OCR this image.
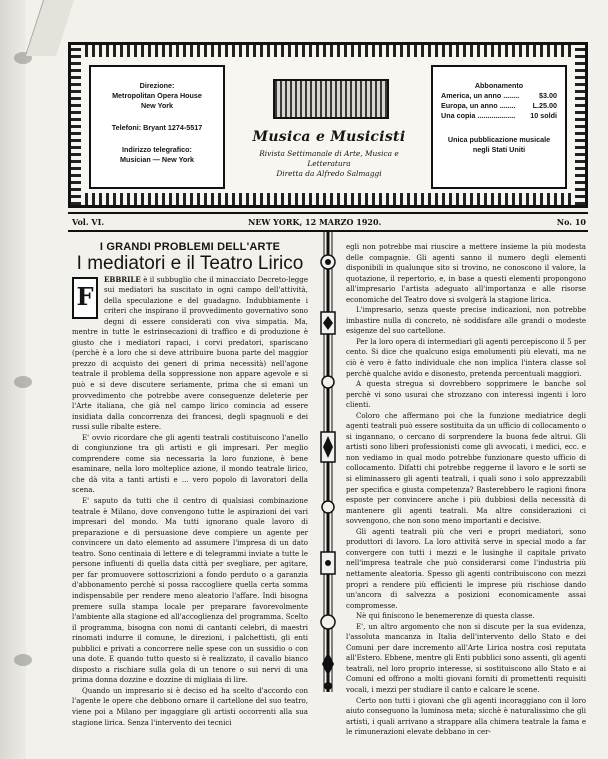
Direzione:
Metropolitan Opera House
New York
Telefoni: Bryant 1274-5517
Indirizzo telegrafico:
Musician — New York
Musica e Musicisti
Rivista Settimanale di Arte, Musica e
Letteratura
Diretta da Alfredo Salmaggi
Abbonamento
America, un anno ........	$3.00
Europa, un anno ........ L.25.00
Una copia ................... 10 soldi
Unica pubblicazione musicale
negli Stati Uniti
Vol. VI.	NEW YORK, 12 MARZO 1920.	No. 10

I GRANDI PROBLEMI DELL'ARTE

I mediatori e il Teatro Lirico

F
EBBRILE è il subbuglio che il minacciato Decreto-legge sui mediatori ha suscitato in ogni campo dell'attività, della speculazione e del guadagno. Indubbiamente i criteri che inspirano il provvedimento governativo sono degni di essere considerati con viva simpatia. Ma, mentre in tutte le estrinsecazioni di traffico e di produzione è giusto che i mediatori rapaci, i corvi predatori, spariscano (perchè è a loro che si deve attribuire buona parte del maggior prezzo di acquisto dei generi di prima necessità) nell'agone teatrale il problema della soppressione non appare agevole e si può e si deve discutere seriamente, prima che si emani un provvedimento che potrebbe avere conseguenze deleterie per l'Arte italiana, che già nel campo lirico comincia ad essere insidiata dalla concorrenza dei francesi, degli spagnuoli e dei russi sulle ribalte estere.

E' ovvio ricordare che gli agenti teatrali costituiscono l'anello di congiunzione tra gli artisti e gli impresari. Per meglio comprendere come sia necessaria la loro funzione, è bene esaminare, nella loro molteplice azione, il mondo teatrale lirico, che dà vita a tanti artisti e ... vero popolo di lavoratori della scena.

E' saputo da tutti che il centro di qualsiasi combinazione teatrale è Milano, dove convengono tutte le aspirazioni dei vari impresari del mondo. Ma tutti ignorano quale lavoro di preparazione e di persuasione deve compiere un agente per convincere un dato elemento ad assumere l'impresa di un dato teatro. Sono centinaia di lettere e di telegrammi inviate a tutte le persone influenti di quella data città per svegliare, per agitare, per far promuovere sottoscrizioni a fondo perduto o a garanzia d'abbonamento perchè si possa raccogliere quella certa somma indispensabile per rendere meno aleatorio l'affare. Indi bisogna premere sulla stampa locale per preparare favorevolmente l'ambiente alla stagione ed all'accoglienza del programma. Scelto il programma, bisogna con nomi di cantanti celebri, di maestri rinomati indurre il comune, le direzioni, i palchettisti, gli enti pubblici e privati a concorrere nelle spese con un sussidio o con una dote. E quando tutto questo si è realizzato, il cavallo bianco disposto a rischiare sulla gola di un tenore o sui nervi di una prima donna dozzine e dozzine di migliaia di lire.

Quando un impresario si è deciso ed ha scelto d'accordo con l'agente le opere che debbono ornare il cartellone del suo teatro, viene poi a Milano per ingaggiare gli artisti occorrenti alla sua stagione lirica. Senza l'intervento dei tecnici

egli non potrebbe mai riuscire a mettere insieme la più modesta delle compagnie. Gli agenti sanno il numero degli elementi disponibili in qualunque sito si trovino, ne conoscono il valore, la quotazione, il repertorio, e, in base a questi elementi propongono all'impresario l'artista adeguato all'importanza e alle risorse economiche del Teatro dove si svolgerà la stagione lirica.

L'impresario, senza queste precise indicazioni, non potrebbe imbastire nulla di concreto, nè soddisfare alle grandi o modeste esigenze del suo cartellone.

Per la loro opera di intermediari gli agenti percepiscono il 5 per cento. Si dice che qualcuno esiga emolumenti più elevati, ma ne ciò è vero è fatto individuale che non implica l'intera classe sol perchè qualche avido e disonesto, pretenda percentuali maggiori.

A questa stregua si dovrebbero sopprimere le banche sol perchè vi sono usurai che strozzano con interessi ingenti i loro clienti.

Coloro che affermano poi che la funzione mediatrice degli agenti teatrali può essere sostituita da un ufficio di collocamento o si ingannano, o cercano di sorprendere la buona fede altrui. Gli artisti sono liberi professionisti come gli avvocati, i medici, ecc. e non vediamo in qual modo potrebbe funzionare questo ufficio di collocamento. Difatti chi potrebbe reggerne il lavoro e le sorti se si eliminassero gli agenti teatrali, i quali sono i solo apprezzabili per specifica e giusta competenza? Basterebbero le ragioni finora esposte per convincere anche i più dubbiosi della necessità di mantenere gli agenti teatrali. Ma altre considerazioni ci sovvengono, che non sono meno importanti e decisive.

Gli agenti teatrali più che veri e propri mediatori, sono produttori di lavoro. La loro attività serve in special modo a far convergere con tutti i mezzi e le lusinghe il capitale privato nell'impresa teatrale che può considerarsi come l'industria più nettamente aleatoria. Spesso gli agenti contribuiscono con mezzi propri a rendere più efficienti le imprese più rischiose dando un'ancora di salvezza a posizioni economicamente assai compromesse.

Nè qui finiscono le benemerenze di questa classe.

E', un altro argomento che non si discute per la sua evidenza, l'assoluta mancanza in Italia dell'intervento dello Stato e dei Comuni per dare incremento all'Arte Lirica nostra così reputata all'Estero. Ebbene, mentre gli Enti pubblici sono assenti, gli agenti teatrali, nel loro proprio interesse, si sostituiscono allo Stato e ai Comuni ed offrono a molti giovani forniti di promettenti requisiti vocali, i mezzi per studiare il canto e calcare le scene.

Certo non tutti i giovani che gli agenti incoraggiano con il loro aiuto conseguono la luminosa meta; sicchè è naturalissimo che gli artisti, i quali arrivano a strappare alla chimera teatrale la fama e le rimunerazioni elevate debbano in cer-
